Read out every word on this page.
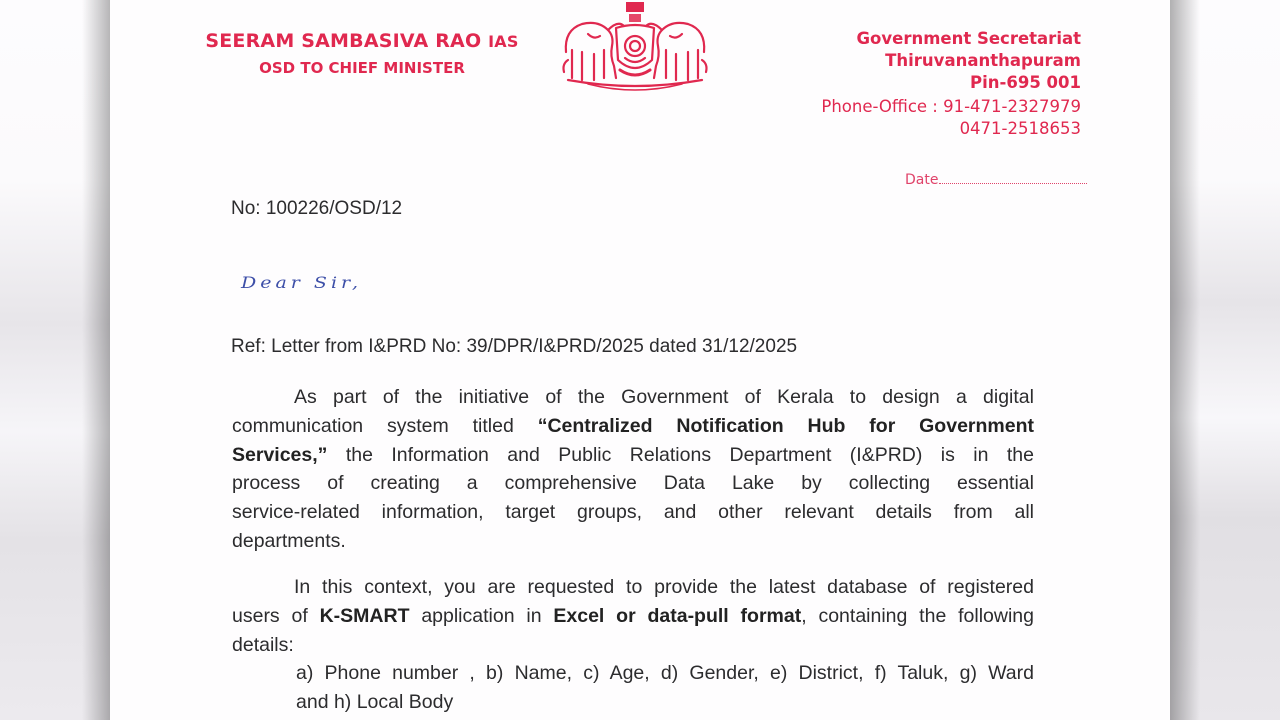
SEERAM SAMBASIVA RAO IAS
OSD TO CHIEF MINISTER
Government Secretariat
Thiruvananthapuram
Pin-695 001
Phone-Office : 91-471-2327979
0471-2518653
Date
No: 100226/OSD/12
Dear Sir,
Ref: Letter from I&PRD No: 39/DPR/I&PRD/2025 dated 31/12/2025
As part of the initiative of the Government of Kerala to design a digital
communication system titled “Centralized Notification Hub for Government
Services,” the Information and Public Relations Department (I&PRD) is in the
process of creating a comprehensive Data Lake by collecting essential
service-related information, target groups, and other relevant details from all
departments.
In this context, you are requested to provide the latest database of registered
users of K-SMART application in Excel or data-pull format, containing the following
details:
a) Phone number , b) Name, c) Age, d) Gender, e) District, f) Taluk, g) Ward
and h) Local Body
